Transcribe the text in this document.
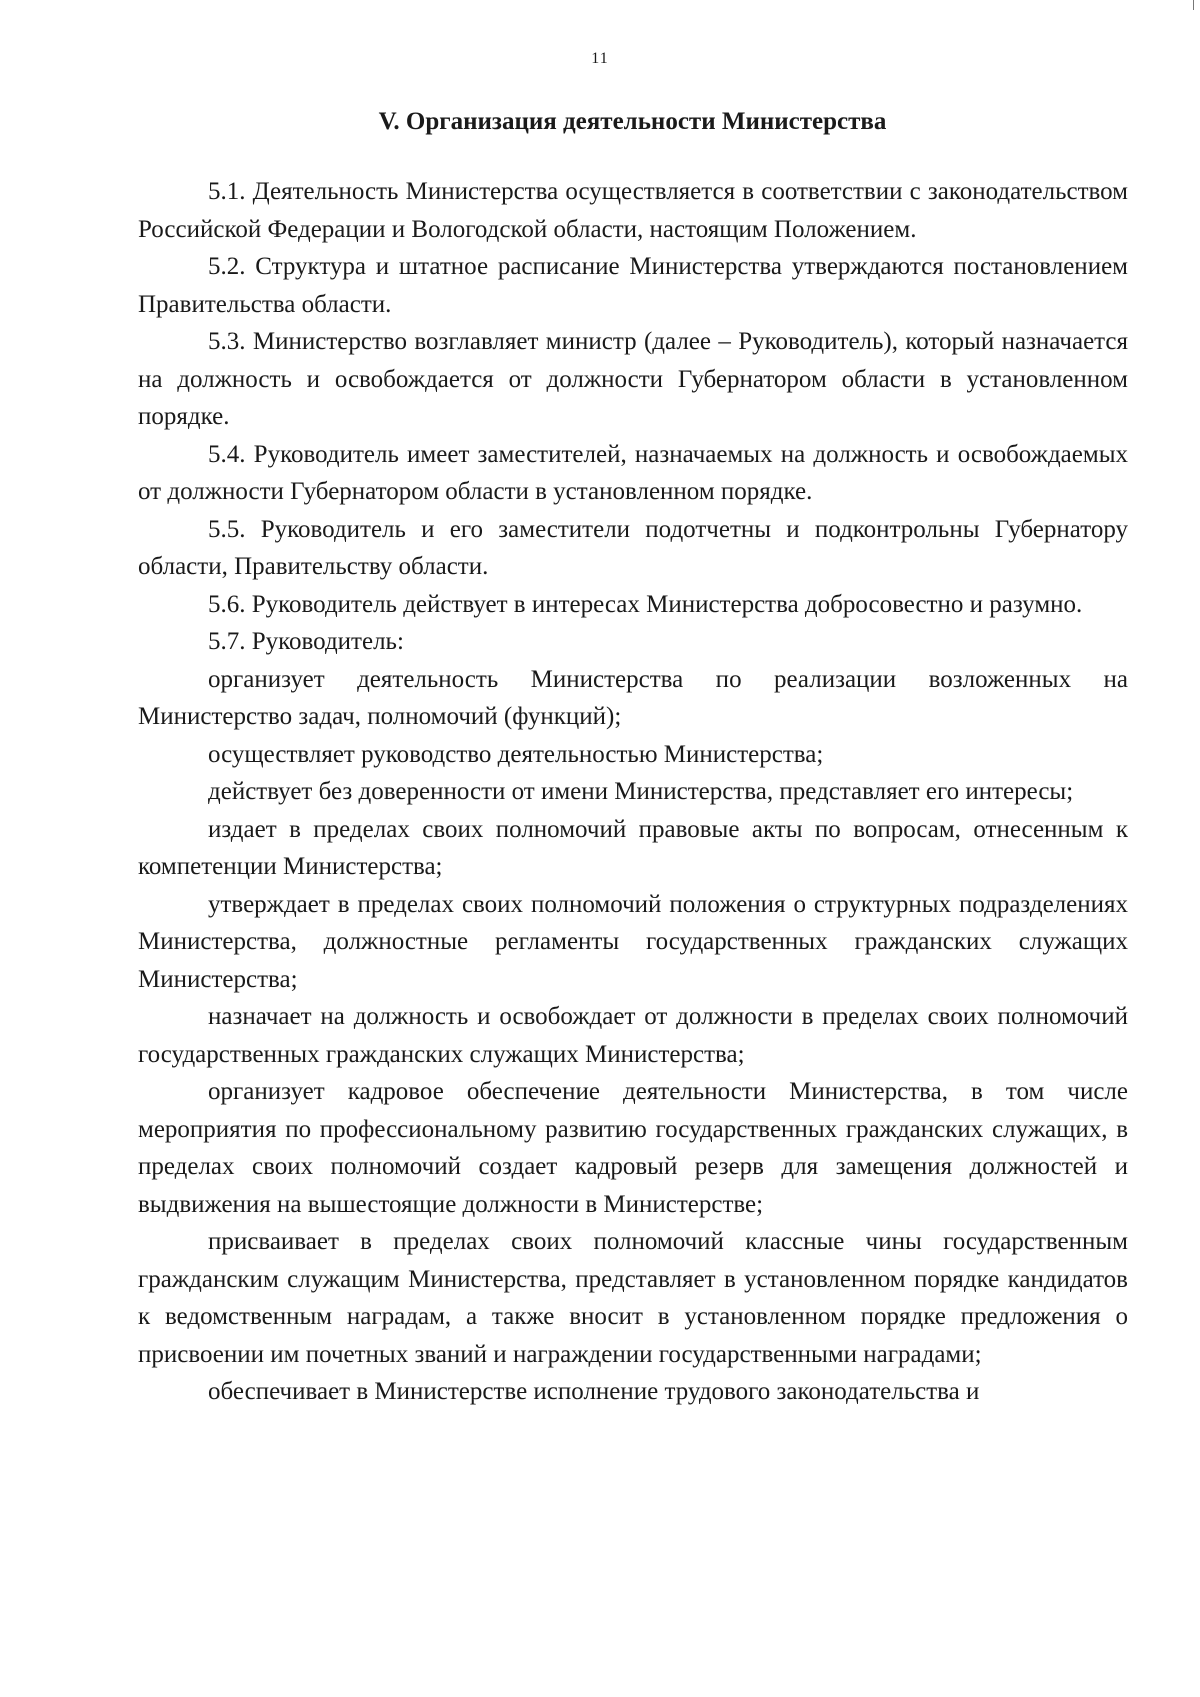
11
V. Организация деятельности Министерства

5.1. Деятельность Министерства осуществляется в соответствии с законодательством Российской Федерации и Вологодской области, настоящим Положением.

5.2. Структура и штатное расписание Министерства утверждаются постановлением Правительства области.

5.3. Министерство возглавляет министр (далее – Руководитель), который назначается на должность и освобождается от должности Губернатором области в установленном порядке.

5.4. Руководитель имеет заместителей, назначаемых на должность и освобождаемых от должности Губернатором области в установленном порядке.

5.5. Руководитель и его заместители подотчетны и подконтрольны Губернатору области, Правительству области.

5.6. Руководитель действует в интересах Министерства добросовестно и разумно.

5.7. Руководитель:

организует деятельность Министерства по реализации возложенных на Министерство задач, полномочий (функций);

осуществляет руководство деятельностью Министерства;

действует без доверенности от имени Министерства, представляет его интересы;

издает в пределах своих полномочий правовые акты по вопросам, отнесенным к компетенции Министерства;

утверждает в пределах своих полномочий положения о структурных подразделениях Министерства, должностные регламенты государственных гражданских служащих Министерства;

назначает на должность и освобождает от должности в пределах своих полномочий государственных гражданских служащих Министерства;

организует кадровое обеспечение деятельности Министерства, в том числе мероприятия по профессиональному развитию государственных гражданских служащих, в пределах своих полномочий создает кадровый резерв для замещения должностей и выдвижения на вышестоящие должности в Министерстве;

присваивает в пределах своих полномочий классные чины государственным гражданским служащим Министерства, представляет в установленном порядке кандидатов к ведомственным наградам, а также вносит в установленном порядке предложения о присвоении им почетных званий и награждении государственными наградами;

обеспечивает в Министерстве исполнение трудового законодательства и
